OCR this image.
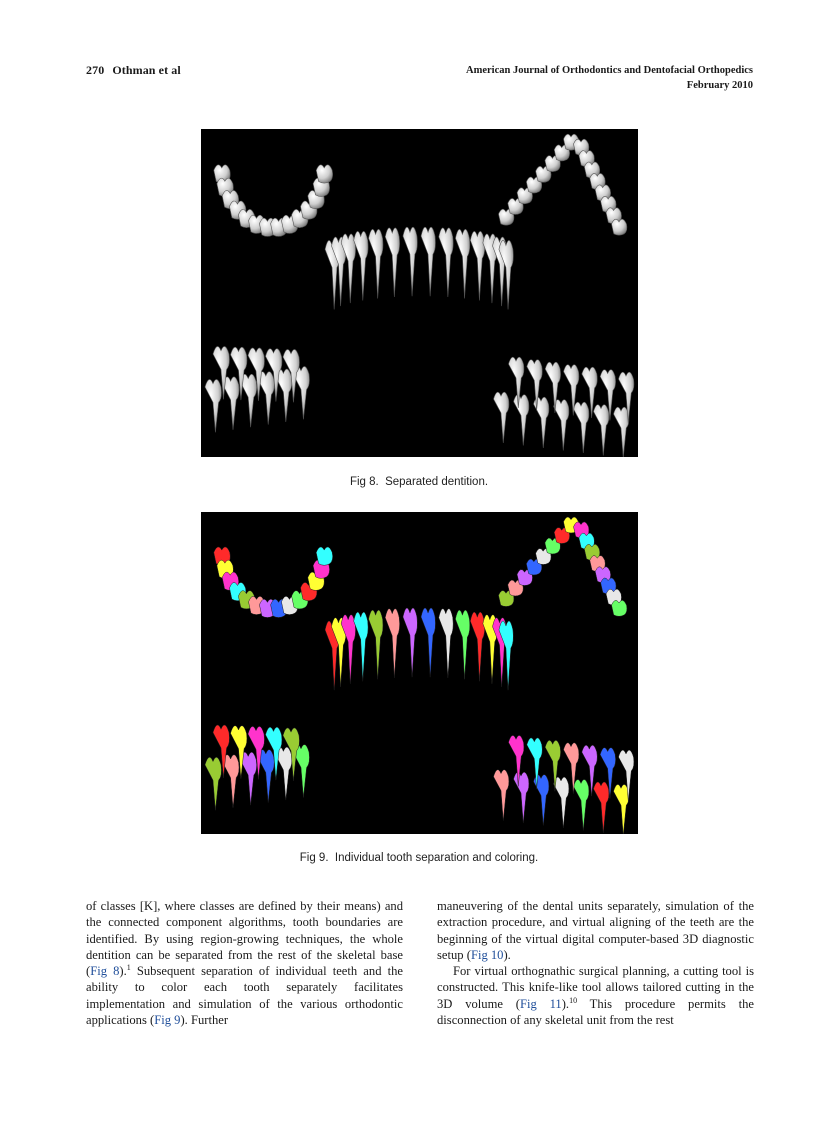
270 Othman et al	American Journal of Orthodontics and Dentofacial Orthopedics
February 2010
Fig 8. Separated dentition.
Fig 9. Individual tooth separation and coloring.

of classes [K], where classes are defined by their means) and the connected component algorithms, tooth boundaries are identified. By using region-growing techniques, the whole dentition can be separated from the rest of the skeletal base (Fig 8).$^1$ Subsequent separation of individual teeth and the ability to color each tooth separately facilitates implementation and simulation of the various orthodontic applications (Fig 9). Further

maneuvering of the dental units separately, simulation of the extraction procedure, and virtual aligning of the teeth are the beginning of the virtual digital computer-based 3D diagnostic setup (Fig 10).

For virtual orthognathic surgical planning, a cutting tool is constructed. This knife-like tool allows tailored cutting in the 3D volume (Fig 11).$^{10}$ This procedure permits the disconnection of any skeletal unit from the rest
